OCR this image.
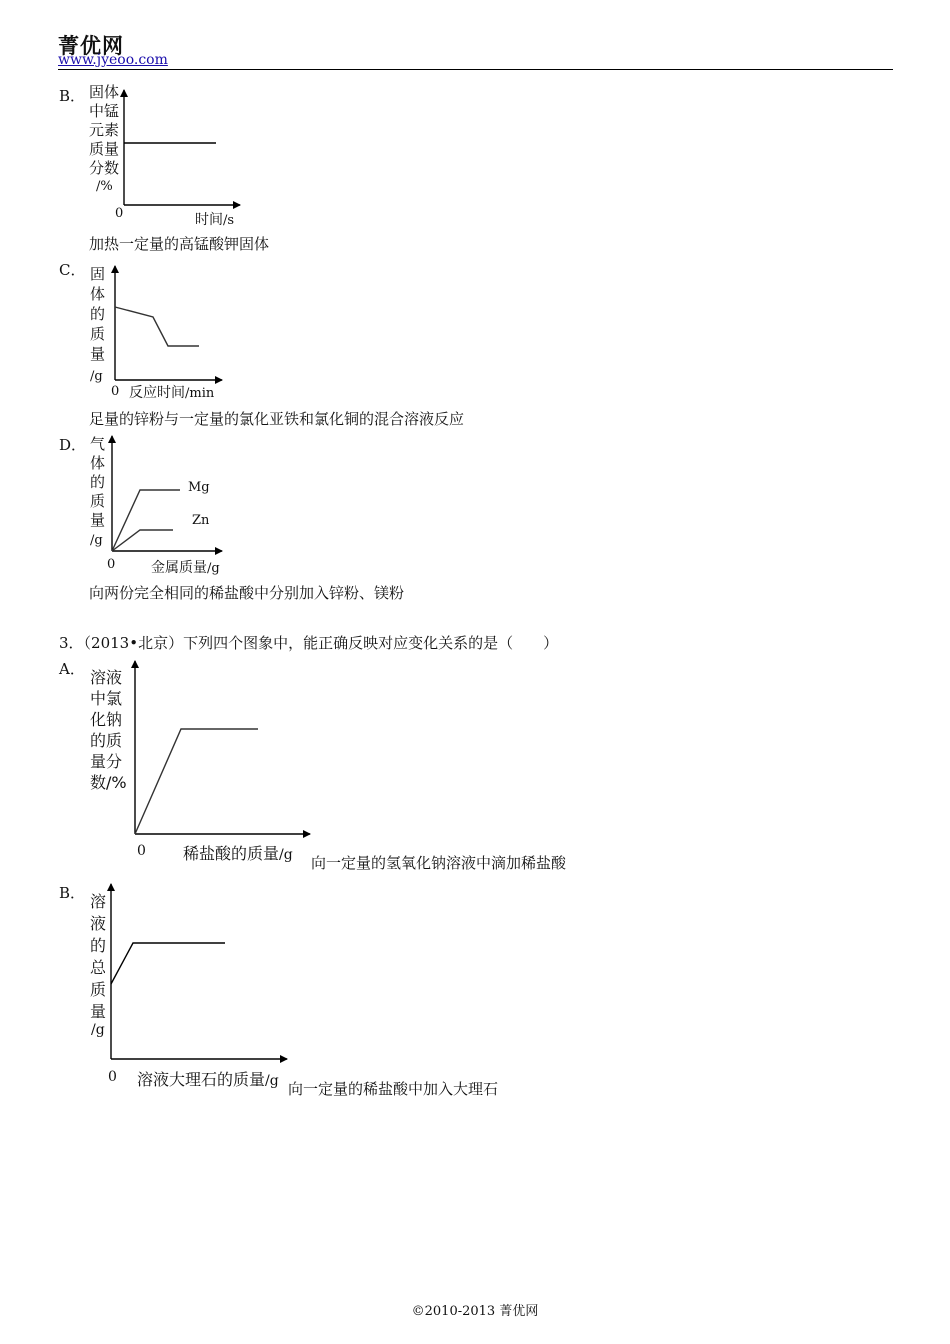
菁优网
www.jyeoo.com
B． 固体
中锰
元素
质量
分数
/%
0	时间/s
加热一定量的高锰酸钾固体
C． 固
体
的
质
量
/g
0 反应时间/min
足量的锌粉与一定量的氯化亚铁和氯化铜的混合溶液反应
D． 气
体
的
质
量
/g
0
Mg
Zn
金属质量/g
向两份完全相同的稀盐酸中分别加入锌粉、镁粉
3．（2013•北京）下列四个图象中，能正确反映对应变化关系的是（　　）
A． 溶液
中氯
化钠
的质
量分
数/%
0 稀盐酸的质量/g 向一定量的氢氧化钠溶液中滴加稀盐酸
B． 溶
液
的
总
质
量
/g
0 溶液大理石的质量/g 向一定量的稀盐酸中加入大理石
©2010-2013 菁优网
